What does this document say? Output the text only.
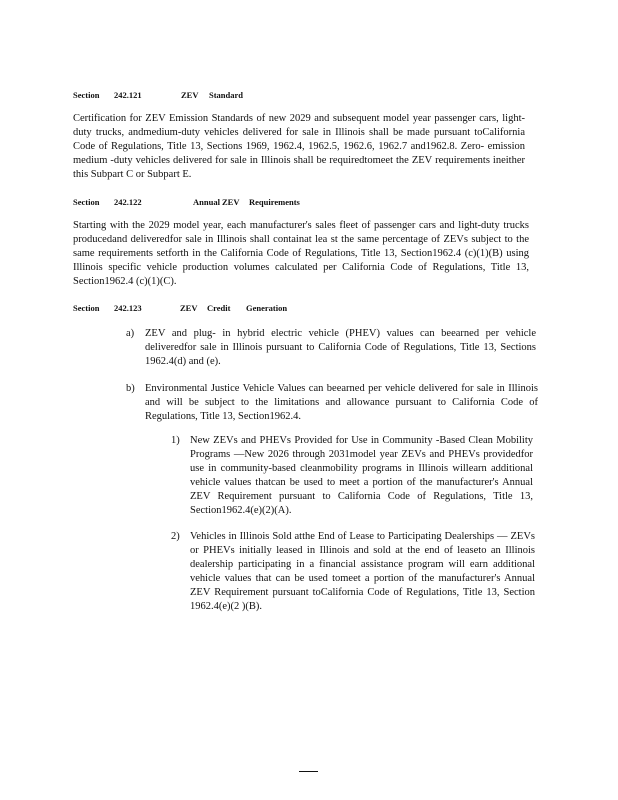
Section 242.121	ZEV Standard

Certification for ZEV Emission Standards of new 2029 and subsequent model year passenger cars, light-duty trucks, andmedium-duty vehicles delivered for sale in Illinois shall be made pursuant toCalifornia Code of Regulations, Title 13, Sections 1969, 1962.4, 1962.5, 1962.6, 1962.7 and1962.8. Zero- emission medium -duty vehicles delivered for sale in Illinois shall be requiredtomeet the ZEV requirements ineither this Subpart C or Subpart E.

Section 242.122	Annual ZEV Requirements

Starting with the 2029 model year, each manufacturer's sales fleet of passenger cars and light-duty trucks producedand deliveredfor sale in Illinois shall containat lea st the same percentage of ZEVs subject to the same requirements setforth in the California Code of Regulations, Title 13, Section1962.4 (c)(1)(B) using Illinois specific vehicle production volumes calculated per California Code of Regulations, Title 13, Section1962.4 (c)(1)(C).

Section 242.123	ZEV Credit Generation
a) ZEV and plug- in hybrid electric vehicle (PHEV) values can beearned per vehicle deliveredfor sale in Illinois pursuant to California Code of Regulations, Title 13, Sections 1962.4(d) and (e).

b) Environmental Justice Vehicle Values can beearned per vehicle delivered for sale in Illinois and will be subject to the limitations and allowance pursuant to California Code of Regulations, Title 13, Section1962.4.

1) New ZEVs and PHEVs Provided for Use in Community -Based Clean Mobility Programs —New 2026 through 2031model year ZEVs and PHEVs providedfor use in community-based cleanmobility programs in Illinois willearn additional vehicle values thatcan be used to meet a portion of the manufacturer's Annual ZEV Requirement pursuant to California Code of Regulations, Title 13, Section1962.4(e)(2)(A).

2) Vehicles in Illinois Sold atthe End of Lease to Participating Dealerships — ZEVs or PHEVs initially leased in Illinois and sold at the end of leaseto an Illinois dealership participating in a financial assistance program will earn additional vehicle values that can be used tomeet a portion of the manufacturer's Annual ZEV Requirement pursuant toCalifornia Code of Regulations, Title 13, Section 1962.4(e)(2 )(B).
